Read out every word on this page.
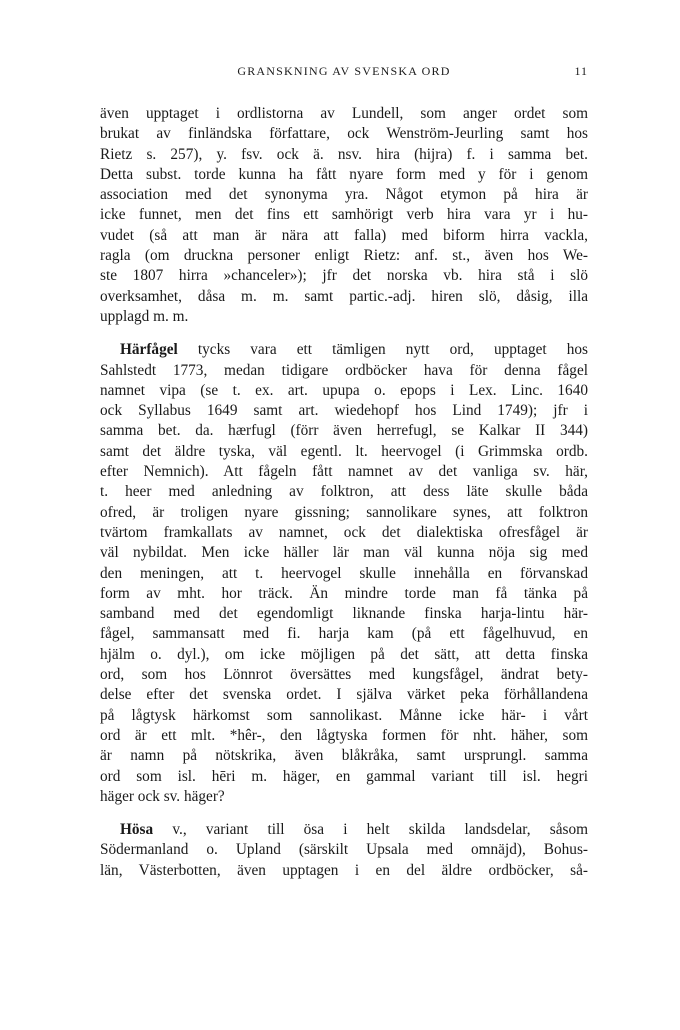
GRANSKNING AV SVENSKA ORD	11
även upptaget i ordlistorna av Lundell, som anger ordet som
brukat av finländska författare, ock Wenström-Jeurling samt hos
Rietz s. 257), y. fsv. ock ä. nsv. hira (hijra) f. i samma bet.
Detta subst. torde kunna ha fått nyare form med y för i genom
association med det synonyma yra. Något etymon på hira är
icke funnet, men det fins ett samhörigt verb hira vara yr i hu-
vudet (så att man är nära att falla) med biform hirra vackla,
ragla (om druckna personer enligt Rietz: anf. st., även hos We-
ste 1807 hirra »chanceler»); jfr det norska vb. hira stå i slö
overksamhet, dåsa m. m. samt partic.-adj. hiren slö, dåsig, illa
upplagd m. m.
Härfågel tycks vara ett tämligen nytt ord, upptaget hos
Sahlstedt 1773, medan tidigare ordböcker hava för denna fågel
namnet vipa (se t. ex. art. upupa o. epops i Lex. Linc. 1640
ock Syllabus 1649 samt art. wiedehopf hos Lind 1749); jfr i
samma bet. da. hærfugl (förr även herrefugl, se Kalkar II 344)
samt det äldre tyska, väl egentl. lt. heervogel (i Grimmska ordb.
efter Nemnich). Att fågeln fått namnet av det vanliga sv. här,
t. heer med anledning av folktron, att dess läte skulle båda
ofred, är troligen nyare gissning; sannolikare synes, att folktron
tvärtom framkallats av namnet, ock det dialektiska ofresfågel är
väl nybildat. Men icke häller lär man väl kunna nöja sig med
den meningen, att t. heervogel skulle innehålla en förvanskad
form av mht. hor träck. Än mindre torde man få tänka på
samband med det egendomligt liknande finska harja-lintu här-
fågel, sammansatt med fi. harja kam (på ett fågelhuvud, en
hjälm o. dyl.), om icke möjligen på det sätt, att detta finska
ord, som hos Lönnrot översättes med kungsfågel, ändrat bety-
delse efter det svenska ordet. I själva värket peka förhållandena
på lågtysk härkomst som sannolikast. Månne icke här- i vårt
ord är ett mlt. *hêr-, den lågtyska formen för nht. häher, som
är namn på nötskrika, även blåkråka, samt ursprungl. samma
ord som isl. hēri m. häger, en gammal variant till isl. hegri
häger ock sv. häger?
Hösa v., variant till ösa i helt skilda landsdelar, såsom
Södermanland o. Upland (särskilt Upsala med omnäjd), Bohus-
län, Västerbotten, även upptagen i en del äldre ordböcker, så-
